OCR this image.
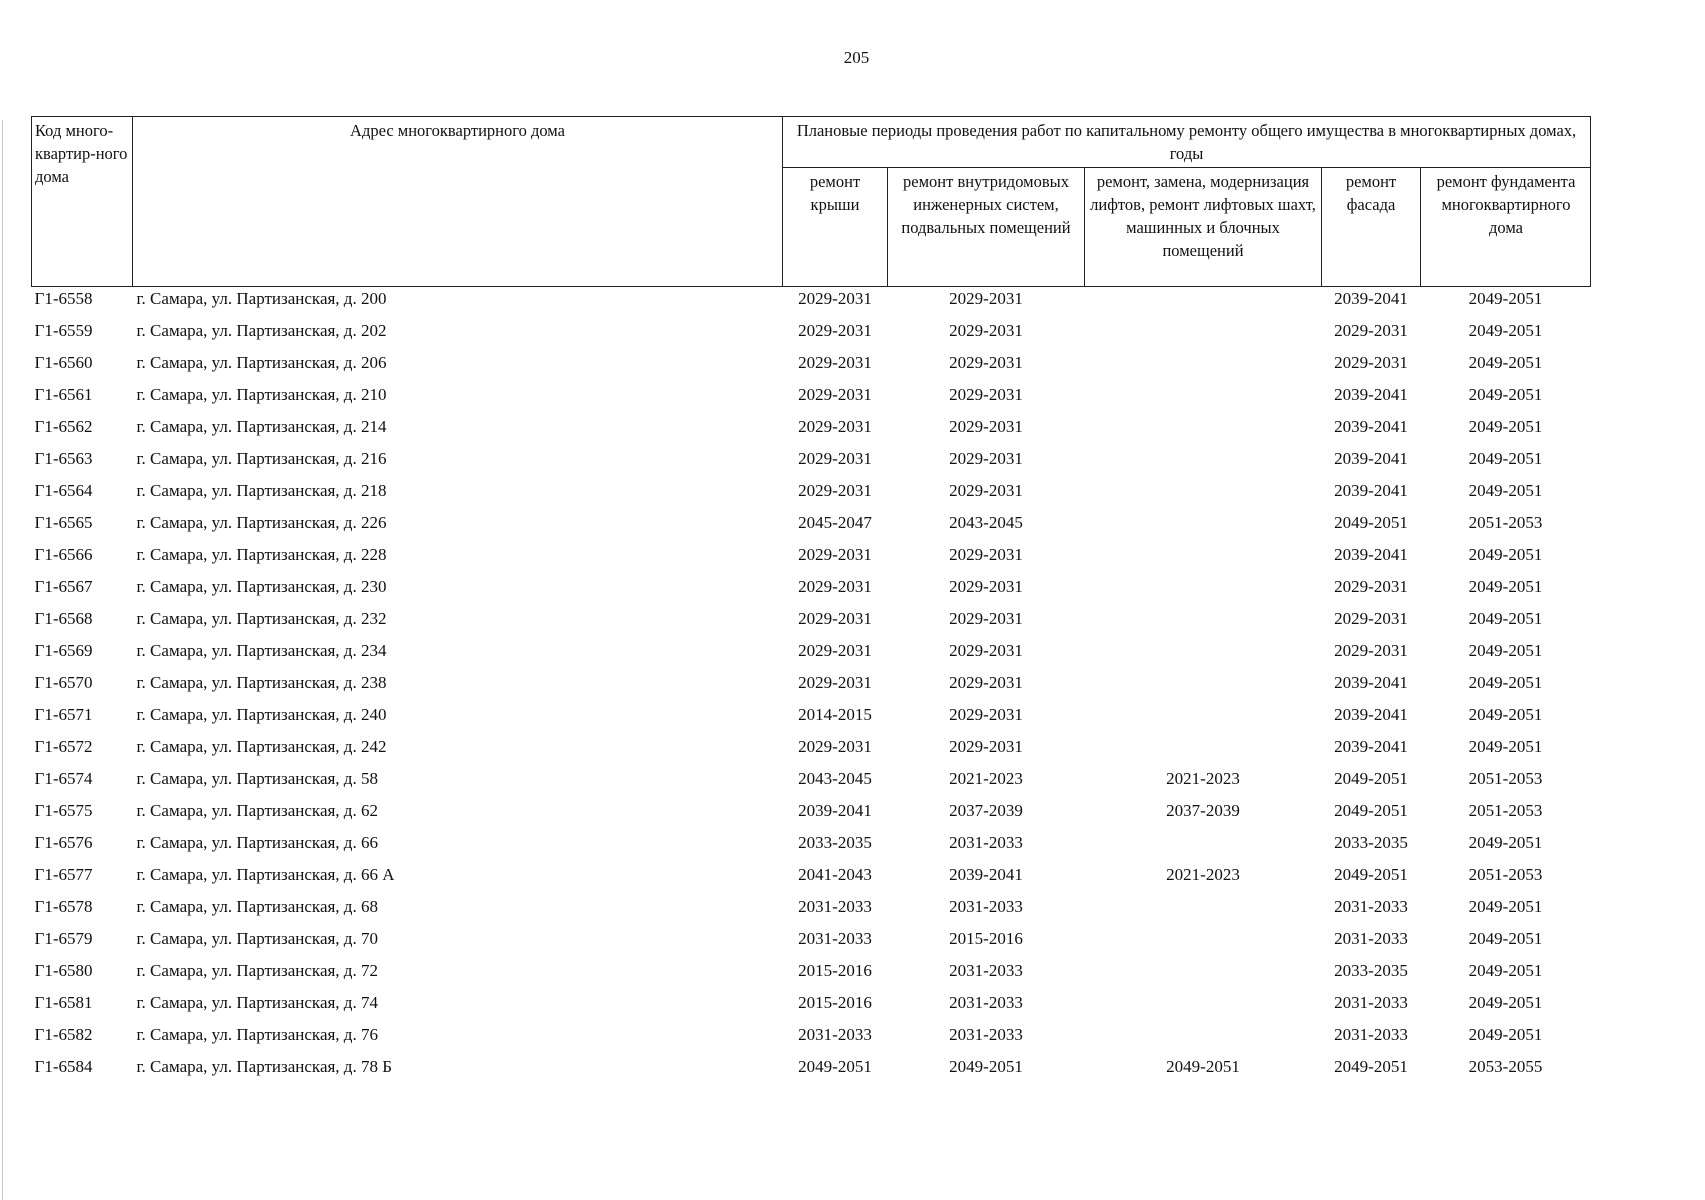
205
Код много-квартир-ного дома	Адрес многоквартирного дома	Плановые периоды проведения работ по капитальному ремонту общего имущества в многоквартирных домах, годы				
		ремонт крыши	ремонт внутридомовых инженерных систем, подвальных помещений	ремонт, замена, модернизация лифтов, ремонт лифтовых шахт, машинных и блочных помещений	ремонт фасада	ремонт фундамента многоквартирного дома
Г1-6558	г. Самара, ул. Партизанская, д. 200	2029-2031	2029-2031		2039-2041	2049-2051
Г1-6559	г. Самара, ул. Партизанская, д. 202	2029-2031	2029-2031		2029-2031	2049-2051
Г1-6560	г. Самара, ул. Партизанская, д. 206	2029-2031	2029-2031		2029-2031	2049-2051
Г1-6561	г. Самара, ул. Партизанская, д. 210	2029-2031	2029-2031		2039-2041	2049-2051
Г1-6562	г. Самара, ул. Партизанская, д. 214	2029-2031	2029-2031		2039-2041	2049-2051
Г1-6563	г. Самара, ул. Партизанская, д. 216	2029-2031	2029-2031		2039-2041	2049-2051
Г1-6564	г. Самара, ул. Партизанская, д. 218	2029-2031	2029-2031		2039-2041	2049-2051
Г1-6565	г. Самара, ул. Партизанская, д. 226	2045-2047	2043-2045		2049-2051	2051-2053
Г1-6566	г. Самара, ул. Партизанская, д. 228	2029-2031	2029-2031		2039-2041	2049-2051
Г1-6567	г. Самара, ул. Партизанская, д. 230	2029-2031	2029-2031		2029-2031	2049-2051
Г1-6568	г. Самара, ул. Партизанская, д. 232	2029-2031	2029-2031		2029-2031	2049-2051
Г1-6569	г. Самара, ул. Партизанская, д. 234	2029-2031	2029-2031		2029-2031	2049-2051
Г1-6570	г. Самара, ул. Партизанская, д. 238	2029-2031	2029-2031		2039-2041	2049-2051
Г1-6571	г. Самара, ул. Партизанская, д. 240	2014-2015	2029-2031		2039-2041	2049-2051
Г1-6572	г. Самара, ул. Партизанская, д. 242	2029-2031	2029-2031		2039-2041	2049-2051
Г1-6574	г. Самара, ул. Партизанская, д. 58	2043-2045	2021-2023	2021-2023	2049-2051	2051-2053
Г1-6575	г. Самара, ул. Партизанская, д. 62	2039-2041	2037-2039	2037-2039	2049-2051	2051-2053
Г1-6576	г. Самара, ул. Партизанская, д. 66	2033-2035	2031-2033		2033-2035	2049-2051
Г1-6577	г. Самара, ул. Партизанская, д. 66 А	2041-2043	2039-2041	2021-2023	2049-2051	2051-2053
Г1-6578	г. Самара, ул. Партизанская, д. 68	2031-2033	2031-2033		2031-2033	2049-2051
Г1-6579	г. Самара, ул. Партизанская, д. 70	2031-2033	2015-2016		2031-2033	2049-2051
Г1-6580	г. Самара, ул. Партизанская, д. 72	2015-2016	2031-2033		2033-2035	2049-2051
Г1-6581	г. Самара, ул. Партизанская, д. 74	2015-2016	2031-2033		2031-2033	2049-2051
Г1-6582	г. Самара, ул. Партизанская, д. 76	2031-2033	2031-2033		2031-2033	2049-2051
Г1-6584	г. Самара, ул. Партизанская, д. 78 Б	2049-2051	2049-2051	2049-2051	2049-2051	2053-2055
